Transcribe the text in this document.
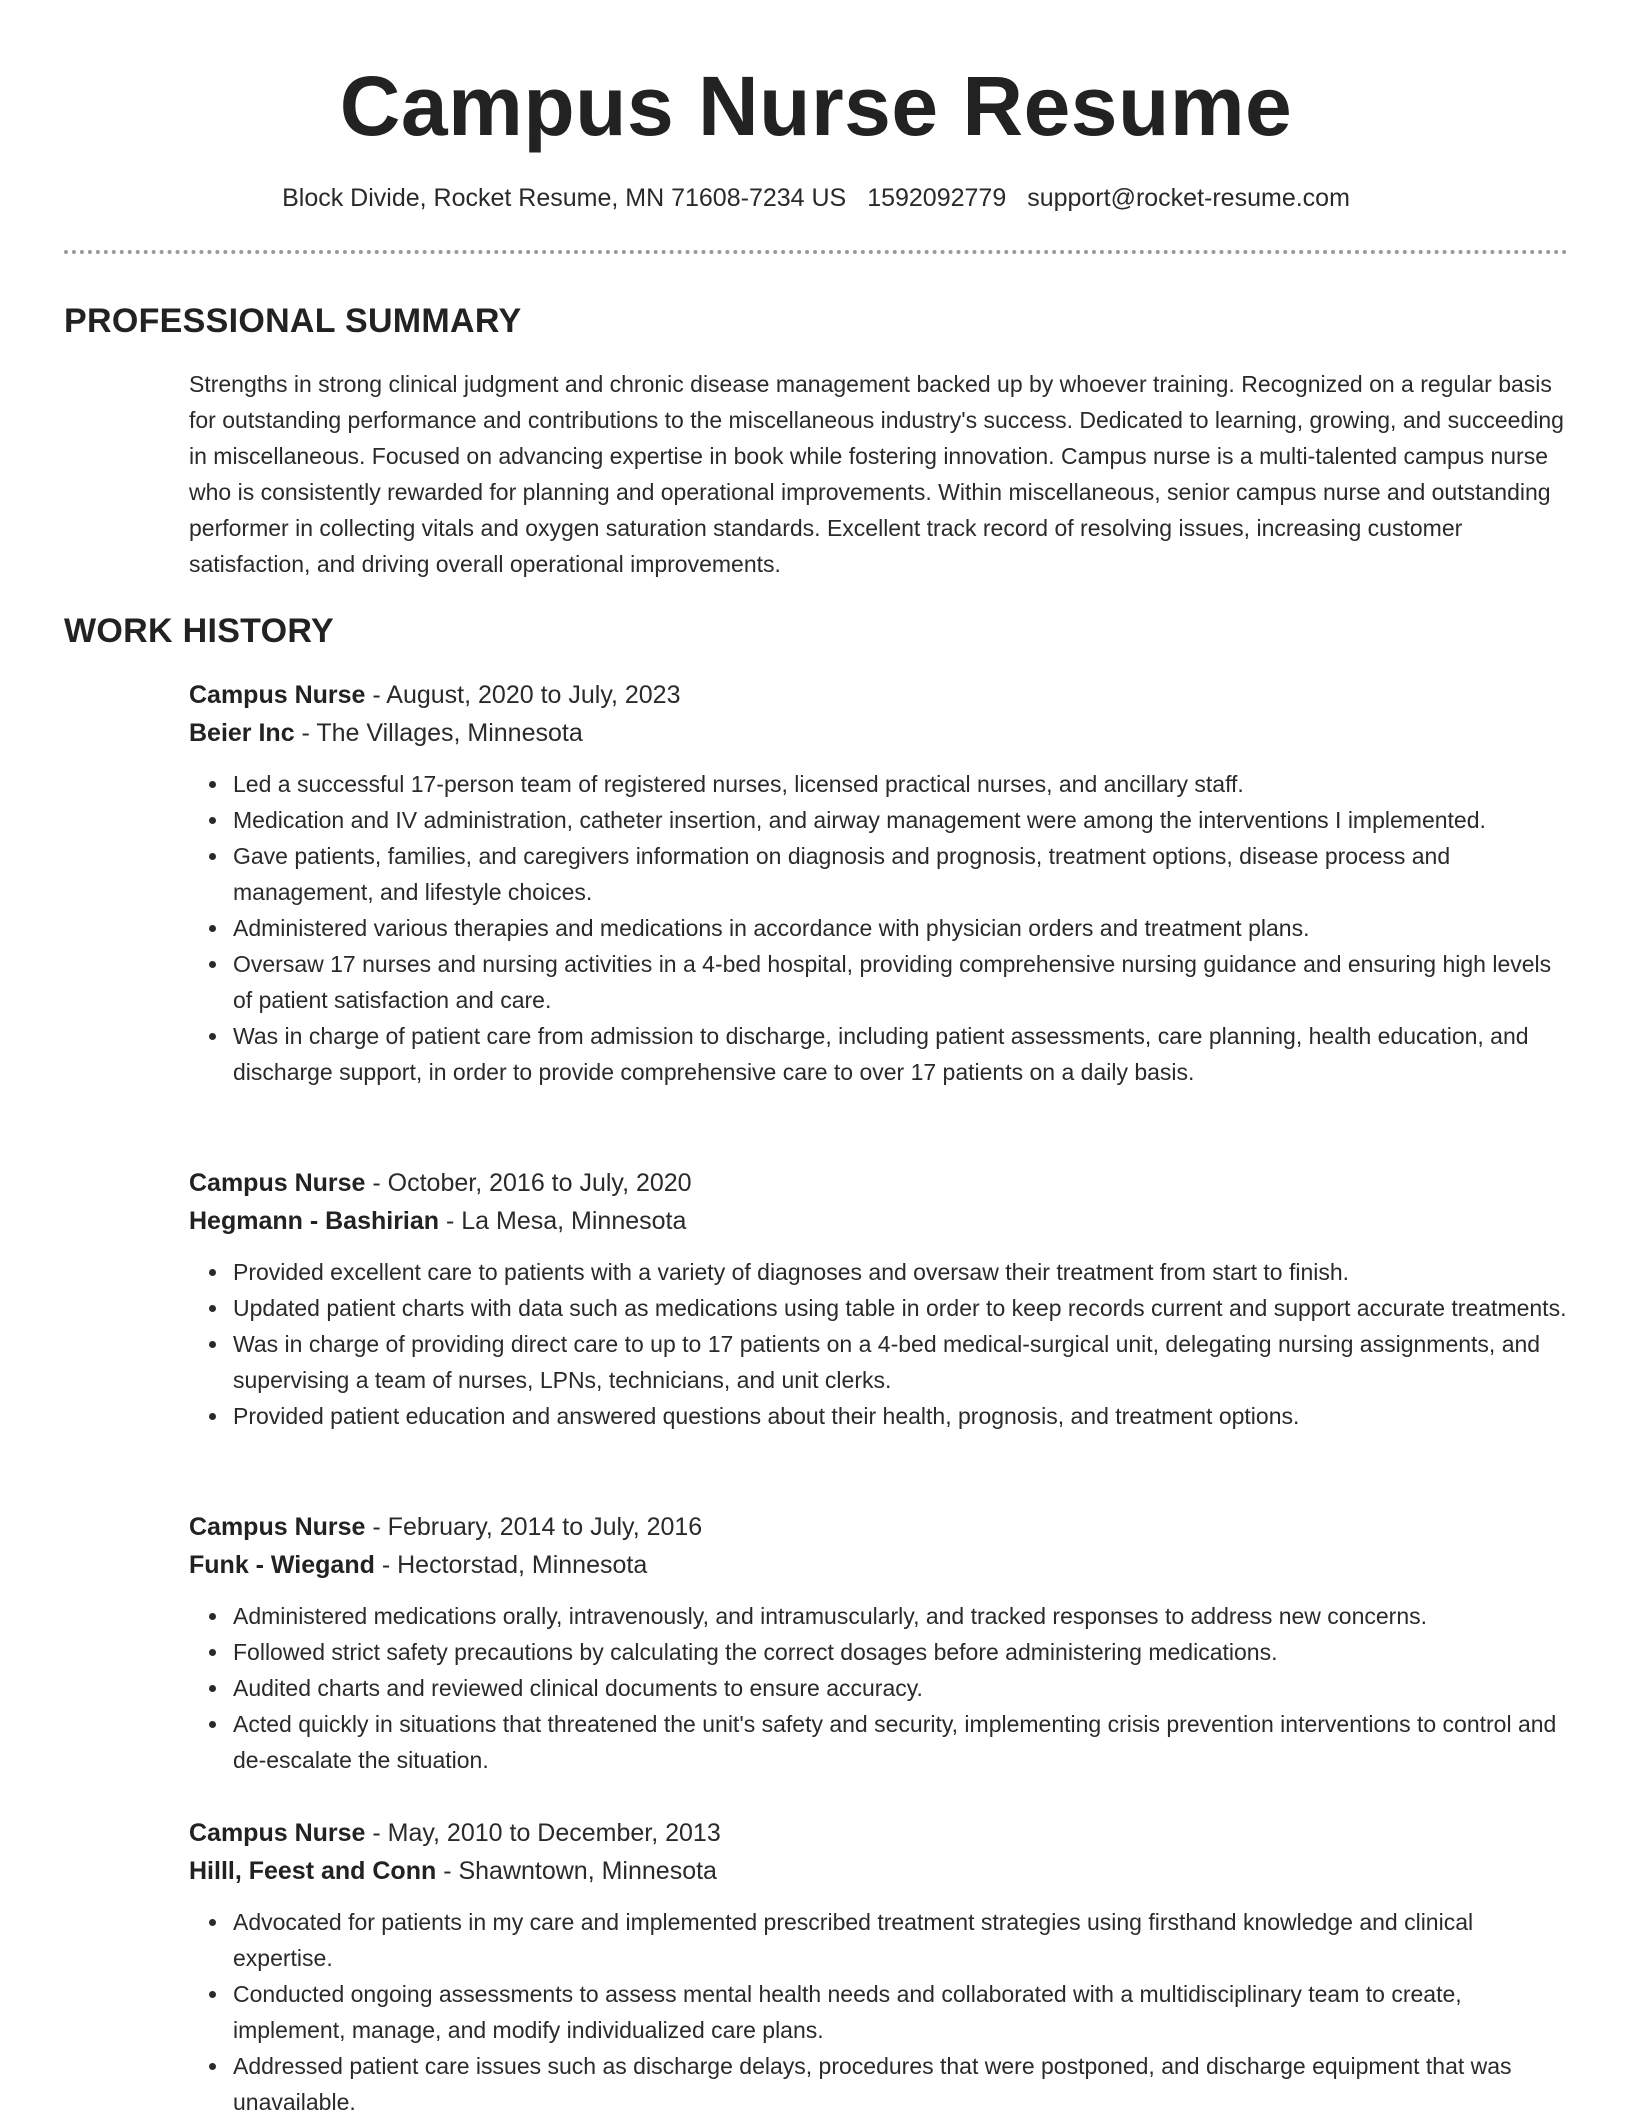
Campus Nurse Resume
Block Divide, Rocket Resume, MN 71608-7234 US 1592092779 support@rocket-resume.com
PROFESSIONAL SUMMARY

Strengths in strong clinical judgment and chronic disease management backed up by whoever training. Recognized on a regular basis for outstanding performance and contributions to the miscellaneous industry's success. Dedicated to learning, growing, and succeeding in miscellaneous. Focused on advancing expertise in book while fostering innovation. Campus nurse is a multi-talented campus nurse who is consistently rewarded for planning and operational improvements. Within miscellaneous, senior campus nurse and outstanding performer in collecting vitals and oxygen saturation standards. Excellent track record of resolving issues, increasing customer satisfaction, and driving overall operational improvements.

WORK HISTORY
Campus Nurse - August, 2020 to July, 2023
Beier Inc - The Villages, Minnesota
Led a successful 17-person team of registered nurses, licensed practical nurses, and ancillary staff.
Medication and IV administration, catheter insertion, and airway management were among the interventions I implemented.
Gave patients, families, and caregivers information on diagnosis and prognosis, treatment options, disease process and management, and lifestyle choices.
Administered various therapies and medications in accordance with physician orders and treatment plans.
Oversaw 17 nurses and nursing activities in a 4-bed hospital, providing comprehensive nursing guidance and ensuring high levels of patient satisfaction and care.
Was in charge of patient care from admission to discharge, including patient assessments, care planning, health education, and discharge support, in order to provide comprehensive care to over 17 patients on a daily basis.
Campus Nurse - October, 2016 to July, 2020
Hegmann - Bashirian - La Mesa, Minnesota
Provided excellent care to patients with a variety of diagnoses and oversaw their treatment from start to finish.
Updated patient charts with data such as medications using table in order to keep records current and support accurate treatments.
Was in charge of providing direct care to up to 17 patients on a 4-bed medical-surgical unit, delegating nursing assignments, and supervising a team of nurses, LPNs, technicians, and unit clerks.
Provided patient education and answered questions about their health, prognosis, and treatment options.
Campus Nurse - February, 2014 to July, 2016
Funk - Wiegand - Hectorstad, Minnesota
Administered medications orally, intravenously, and intramuscularly, and tracked responses to address new concerns.
Followed strict safety precautions by calculating the correct dosages before administering medications.
Audited charts and reviewed clinical documents to ensure accuracy.
Acted quickly in situations that threatened the unit's safety and security, implementing crisis prevention interventions to control and de-escalate the situation.
Campus Nurse - May, 2010 to December, 2013
Hilll, Feest and Conn - Shawntown, Minnesota
Advocated for patients in my care and implemented prescribed treatment strategies using firsthand knowledge and clinical expertise.
Conducted ongoing assessments to assess mental health needs and collaborated with a multidisciplinary team to create, implement, manage, and modify individualized care plans.
Addressed patient care issues such as discharge delays, procedures that were postponed, and discharge equipment that was unavailable.
